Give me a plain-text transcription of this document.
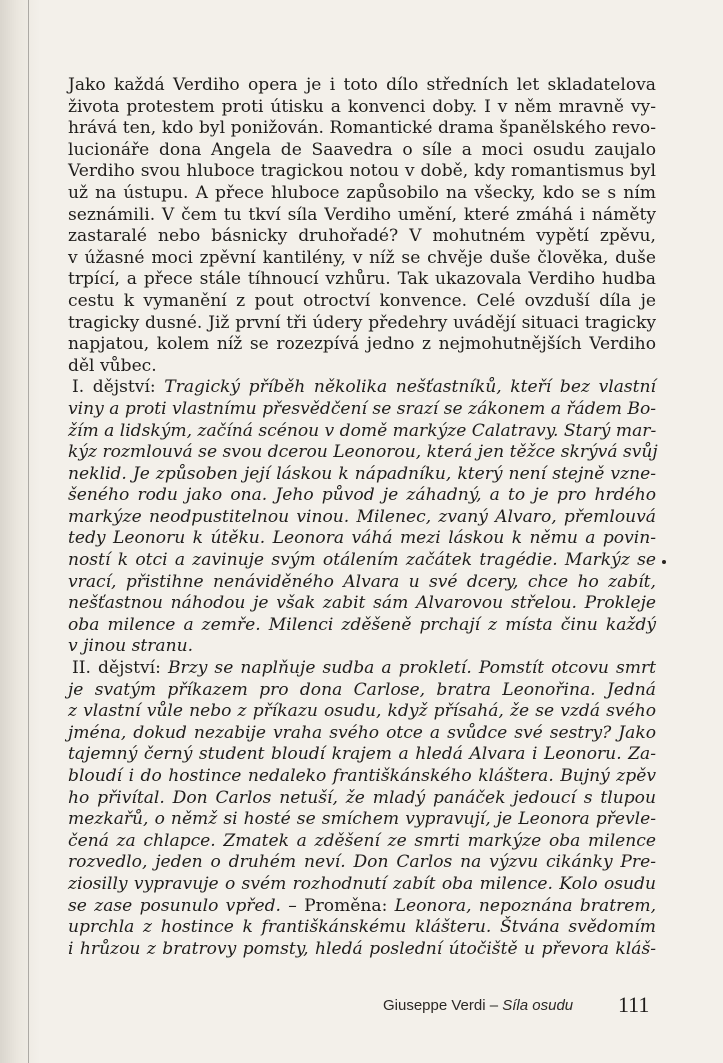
Jako každá Verdiho opera je i toto dílo středních let skladatelova
života protestem proti útisku a konvenci doby. I v něm mravně vy-
hrává ten, kdo byl ponižován. Romantické drama španělského revo-
lucionáře dona Angela de Saavedra o síle a moci osudu zaujalo
Verdiho svou hlubocе tragickou notou v době, kdy romantismus byl
už na ústupu. A přece hluboce zapůsobilo na všecky, kdo se s ním
seznámili. V čem tu tkví síla Verdiho umění, které zmáhá i náměty
zastaralé nebo básnicky druhořadé? V mohutném vypětí zpěvu,
v úžasné moci zpěvní kantilény, v níž se chvěje duše člověka, duše
trpící, a přece stále tíhnoucí vzhůru. Tak ukazovala Verdiho hudba
cestu k vymanění z pout otroctví konvence. Celé ovzduší díla je
tragicky dusné. Již první tři údery předehry uvádějí situaci tragicky
napjatou, kolem níž se rozezpívá jedno z nejmohutnějších Verdiho
děl vůbec.
I. dějství: Tragický příběh několika nešťastníků, kteří bez vlastní
viny a proti vlastnímu přesvědčení se srazí se zákonem a řádem Bo-
žím a lidským, začíná scénou v domě markýze Calatravy. Starý mar-
kýz rozmlouvá se svou dcerou Leonorou, která jen těžce skrývá svůj
neklid. Je způsoben její láskou k nápadníku, který není stejně vzne-
šeného rodu jako ona. Jeho původ je záhadný, a to je pro hrdého
markýze neodpustitelnou vinou. Milenec, zvaný Alvaro, přemlouvá
tedy Leonoru k útěku. Leonora váhá mezi láskou k němu a povin-
ností k otci a zavinuje svým otálením začátek tragédie. Markýz se
vrací, přistihne nenáviděného Alvara u své dcery, chce ho zabít,
nešťastnou náhodou je však zabit sám Alvarovou střelou. Prokleje
oba milence a zemře. Milenci zděšeně prchají z místa činu každý
v jinou stranu.
II. dějství: Brzy se naplňuje sudba a prokletí. Pomstít otcovu smrt
je svatým příkazem pro dona Carlose, bratra Leonořina. Jedná
z vlastní vůle nebo z příkazu osudu, když přísahá, že se vzdá svého
jména, dokud nezabije vraha svého otce a svůdce své sestry? Jako
tajemný černý student bloudí krajem a hledá Alvara i Leonoru. Za-
bloudí i do hostince nedaleko františkánského kláštera. Bujný zpěv
ho přivítal. Don Carlos netuší, že mladý panáček jedoucí s tlupou
mezkařů, o němž si hosté se smíchem vypravují, je Leonora převle-
čená za chlapce. Zmatek a zděšení ze smrti markýze oba milence
rozvedlo, jeden o druhém neví. Don Carlos na výzvu cikánky Pre-
ziosilly vypravuje o svém rozhodnutí zabít oba milence. Kolo osudu
se zase posunulo vpřed. – Proměna: Leonora, nepoznána bratrem,
uprchla z hostince k františkánskému klášteru. Štvána svědomím
i hrůzou z bratrovy pomsty, hledá poslední útočiště u převora kláš-
Giuseppe Verdi – Síla osudu 111
